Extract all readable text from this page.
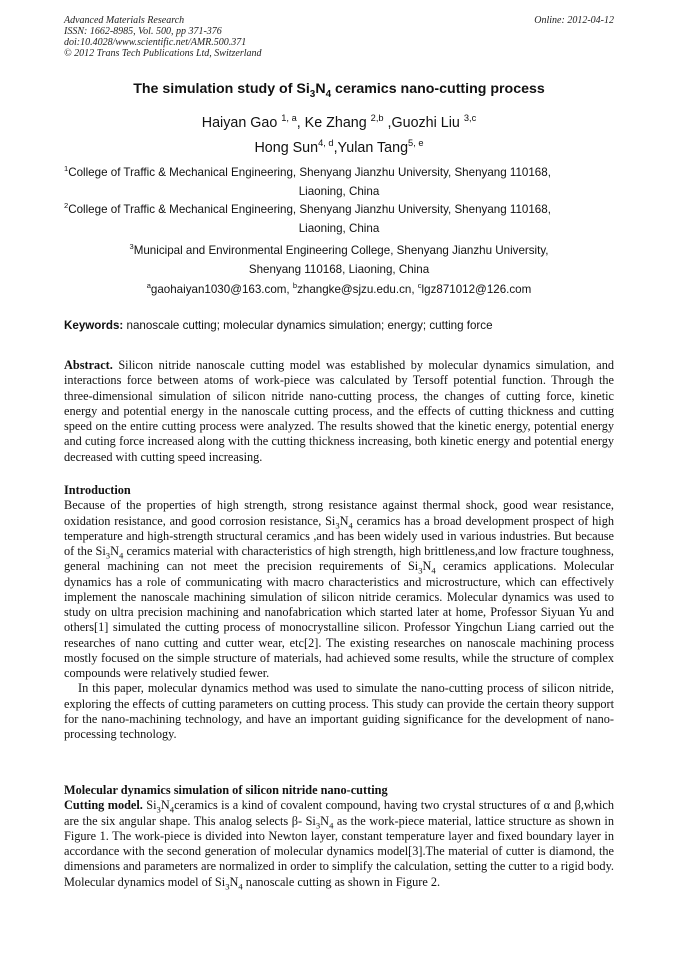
Advanced Materials Research
ISSN: 1662-8985, Vol. 500, pp 371-376
doi:10.4028/www.scientific.net/AMR.500.371
© 2012 Trans Tech Publications Ltd, Switzerland
Online: 2012-04-12
The simulation study of $Si_3N_4$ ceramics nano-cutting process
Haiyan Gao $^{1, a}$, Ke Zhang $^{2,b}$ ,Guozhi Liu $^{3,c}$
Hong Sun$^{4, d}$,Yulan Tang$^{5, e}$
$^1$College of Traffic & Mechanical Engineering, Shenyang Jianzhu University, Shenyang 110168,
Liaoning, China
$^2$College of Traffic & Mechanical Engineering, Shenyang Jianzhu University, Shenyang 110168,
Liaoning, China
$^3$Municipal and Environmental Engineering College, Shenyang Jianzhu University,
Shenyang 110168, Liaoning, China
$^a$gaohaiyan1030@163.com, $^b$zhangke@sjzu.edu.cn, $^c$lgz871012@126.com
Keywords: nanoscale cutting; molecular dynamics simulation; energy; cutting force

Abstract. Silicon nitride nanoscale cutting model was established by molecular dynamics simulation, and interactions force between atoms of work-piece was calculated by Tersoff potential function. Through the three-dimensional simulation of silicon nitride nano-cutting process, the changes of cutting force, kinetic energy and potential energy in the nanoscale cutting process, and the effects of cutting thickness and cutting speed on the entire cutting process were analyzed. The results showed that the kinetic energy, potential energy and cuting force increased along with the cutting thickness increasing, both kinetic energy and potential energy decreased with cutting speed increasing.

Introduction

Because of the properties of high strength, strong resistance against thermal shock, good wear resistance, oxidation resistance, and good corrosion resistance, $Si_3N_4$ ceramics has a broad development prospect of high temperature and high-strength structural ceramics ,and has been widely used in various industries. But because of the $Si_3N_4$ ceramics material with characteristics of high strength, high brittleness,and low fracture toughness, general machining can not meet the precision requirements of $Si_3N_4$ ceramics applications. Molecular dynamics has a role of communicating with macro characteristics and microstructure, which can effectively implement the nanoscale machining simulation of silicon nitride ceramics. Molecular dynamics was used to study on ultra precision machining and nanofabrication which started later at home, Professor Siyuan Yu and others[1] simulated the cutting process of monocrystalline silicon. Professor Yingchun Liang carried out the researches of nano cutting and cutter wear, etc[2]. The existing researches on nanoscale machining process mostly focused on the simple structure of materials, had achieved some results, while the structure of complex compounds were relatively studied fewer.

In this paper, molecular dynamics method was used to simulate the nano-cutting process of silicon nitride, exploring the effects of cutting parameters on cutting process. This study can provide the certain theory support for the nano-machining technology, and have an important guiding significance for the development of nano-processing technology.

Molecular dynamics simulation of silicon nitride nano-cutting

Cutting model. $Si_3N_4ceramics$ is a kind of covalent compound, having two crystal structures of α and β,which are the six angular shape. This analog selects β- $Si_3N_4$ as the work-piece material, lattice structure as shown in Figure 1. The work-piece is divided into Newton layer, constant temperature layer and fixed boundary layer in accordance with the second generation of molecular dynamics model[3].The material of cutter is diamond, the dimensions and parameters are normalized in order to simplify the calculation, setting the cutter to a rigid body. Molecular dynamics model of $Si_3N_4$ nanoscale cutting as shown in Figure 2.
